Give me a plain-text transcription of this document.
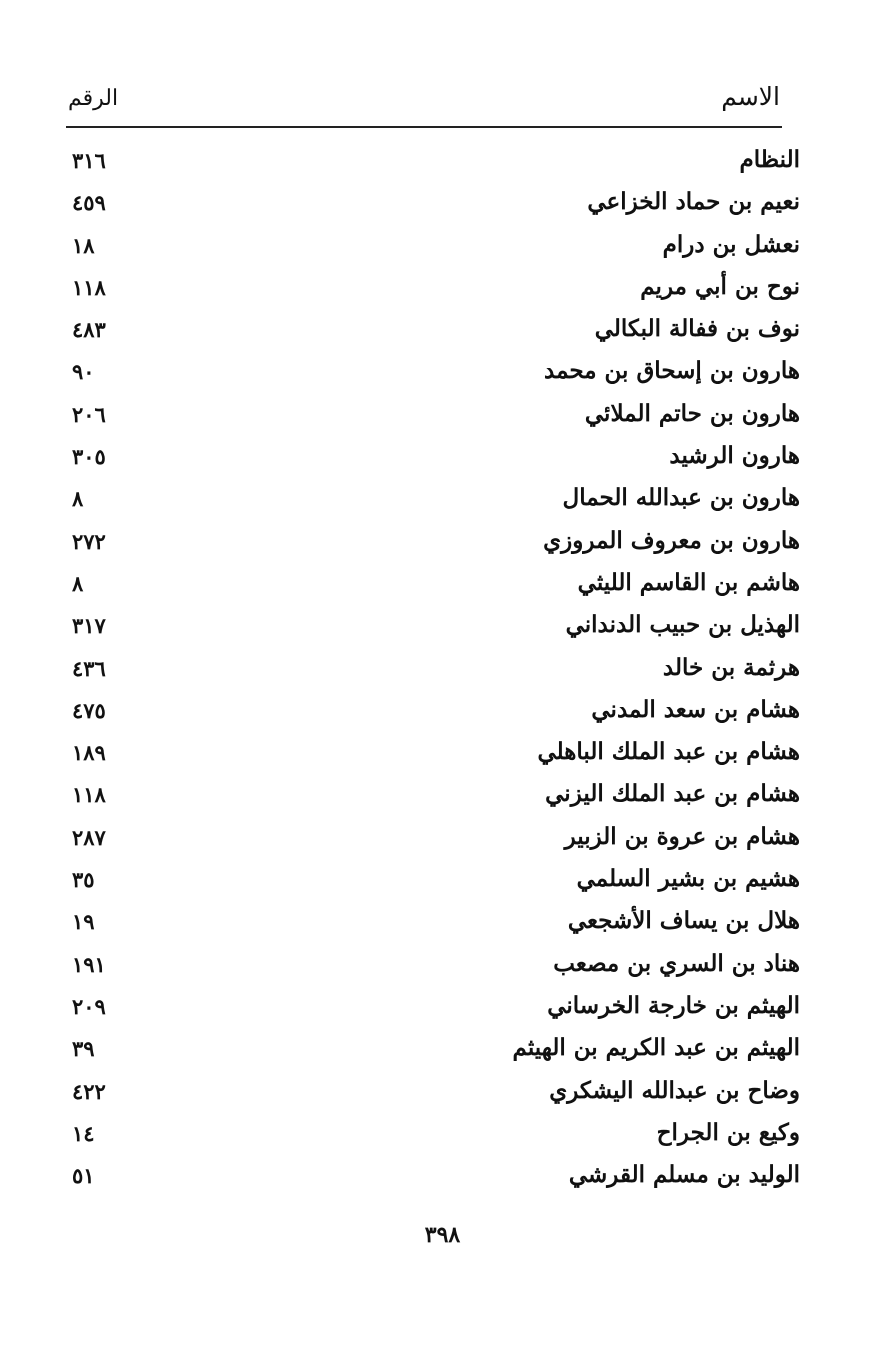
الاسم
الرقم
النظام
٣١٦
نعيم بن حماد الخزاعي
٤٥٩
نعشل بن درام
١٨
نوح بن أبي مريم
١١٨
نوف بن ففالة البكالي
٤٨٣
هارون بن إسحاق بن محمد
٩٠
هارون بن حاتم الملائي
٢٠٦
هارون الرشيد
٣٠٥
هارون بن عبدالله الحمال
٨
هارون بن معروف المروزي
٢٧٢
هاشم بن القاسم الليثي
٨
الهذيل بن حبيب الدنداني
٣١٧
هرثمة بن خالد
٤٣٦
هشام بن سعد المدني
٤٧٥
هشام بن عبد الملك الباهلي
١٨٩
هشام بن عبد الملك اليزني
١١٨
هشام بن عروة بن الزبير
٢٨٧
هشيم بن بشير السلمي
٣٥
هلال بن يساف الأشجعي
١٩
هناد بن السري بن مصعب
١٩١
الهيثم بن خارجة الخرساني
٢٠٩
الهيثم بن عبد الكريم بن الهيثم
٣٩
وضاح بن عبدالله اليشكري
٤٢٢
وكيع بن الجراح
١٤
الوليد بن مسلم القرشي
٥١
٣٩٨
